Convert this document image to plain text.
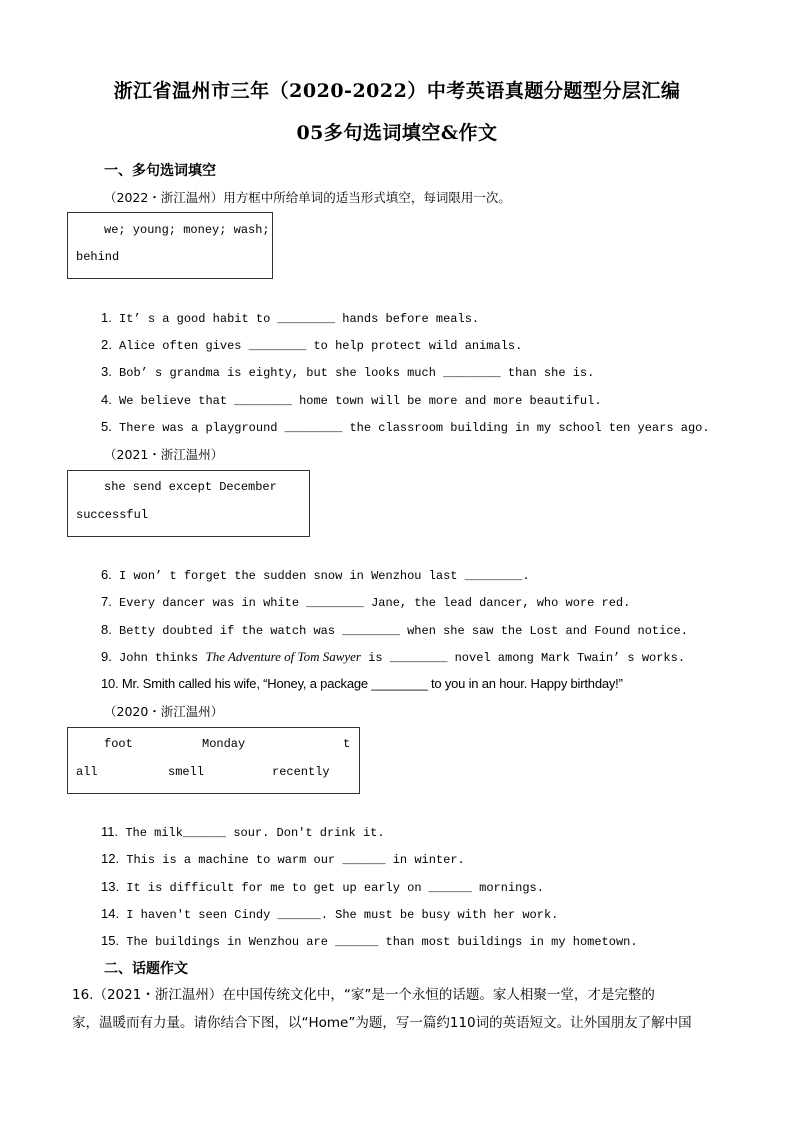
浙江省温州市三年（2020-2022）中考英语真题分题型分层汇编
05多句选词填空&作文
一、多句选词填空
（2022・浙江温州）用方框中所给单词的适当形式填空，每词限用一次。
we; young; money; wash;
behind
1. It’ s a good habit to ________ hands before meals.
2. Alice often gives ________ to help protect wild animals.
3. Bob’ s grandma is eighty, but she looks much ________ than she is.
4. We believe that ________ home town will be more and more beautiful.
5. There was a playground ________ the classroom building in my school ten years ago.
（2021・浙江温州）
she send except December
successful
6. I won’ t forget the sudden snow in Wenzhou last ________.
7. Every dancer was in white ________ Jane, the lead dancer, who wore red.
8. Betty doubted if the watch was ________ when she saw the Lost and Found notice.
9. John thinks The Adventure of Tom Sawyer is ________ novel among Mark Twain’ s works.
10. Mr. Smith called his wife, “Honey, a package ________ to you in an hour. Happy birthday!”
（2020・浙江温州）
foot	Monday	t
all	smell	recently
11. The milk______ sour. Don't drink it.
12. This is a machine to warm our ______ in winter.
13. It is difficult for me to get up early on ______ mornings.
14. I haven't seen Cindy ______. She must be busy with her work.
15. The buildings in Wenzhou are ______ than most buildings in my hometown.
二、话题作文
16.（2021・浙江温州）在中国传统文化中，“家”是一个永恒的话题。家人相聚一堂，才是完整的
家，温暖而有力量。请你结合下图，以“Home”为题，写一篇约110词的英语短文。让外国朋友了解中国
